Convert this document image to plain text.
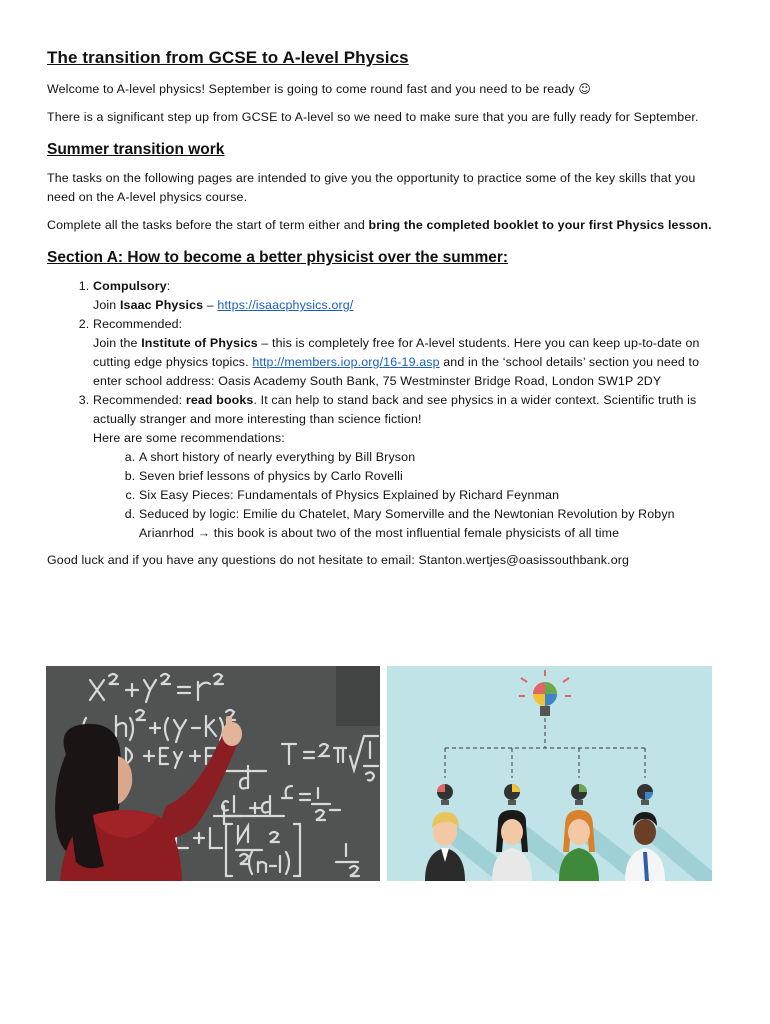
The transition from GCSE to A-level Physics

Welcome to A-level physics! September is going to come round fast and you need to be ready ☺

There is a significant step up from GCSE to A-level so we need to make sure that you are fully ready for September.

Summer transition work

The tasks on the following pages are intended to give you the opportunity to practice some of the key skills that you need on the A-level physics course.

Complete all the tasks before the start of term either and bring the completed booklet to your first Physics lesson.

Section A: How to become a better physicist over the summer:
1. Compulsory:
Join Isaac Physics – https://isaacphysics.org/
2. Recommended:
Join the Institute of Physics – this is completely free for A-level students. Here you can keep up-to-date on cutting edge physics topics. http://members.iop.org/16-19.asp and in the ‘school details’ section you need to enter school address: Oasis Academy South Bank, 75 Westminster Bridge Road, London SW1P 2DY
3. Recommended: read books. It can help to stand back and see physics in a wider context. Scientific truth is actually stranger and more interesting than science fiction!
Here are some recommendations:
a. A short history of nearly everything by Bill Bryson
b. Seven brief lessons of physics by Carlo Rovelli
c. Six Easy Pieces: Fundamentals of Physics Explained by Richard Feynman
d. Seduced by logic: Emilie du Chatelet, Mary Somerville and the Newtonian Revolution by Robyn Arianrhod → this book is about two of the most influential female physicists of all time

Good luck and if you have any questions do not hesitate to email: Stanton.wertjes@oasissouthbank.org
